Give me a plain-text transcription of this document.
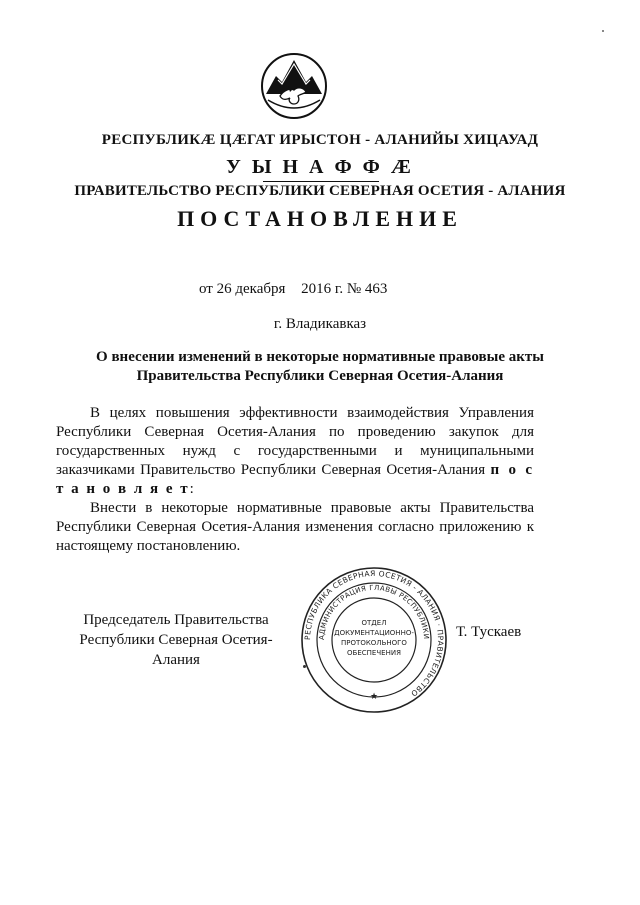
РЕСПУБЛИКÆ ЦÆГАТ ИРЫСТОН - АЛАНИЙЫ ХИЦАУАД
У Ы Н А Ф Ф Æ
ПРАВИТЕЛЬСТВО РЕСПУБЛИКИ СЕВЕРНАЯ ОСЕТИЯ - АЛАНИЯ
ПОСТАНОВЛЕНИЕ
от 26 декабря 2016 г. № 463
г. Владикавказ
О внесении изменений в некоторые нормативные правовые акты
Правительства Республики Северная Осетия-Алания

В целях повышения эффективности взаимодействия Управления Республики Северная Осетия-Алания по проведению закупок для государственных нужд с государственными и муниципальными заказчиками Правительство Республики Северная Осетия-Алания п о с т а н о в л я е т:

Внести в некоторые нормативные правовые акты Правительства Республики Северная Осетия-Алания изменения согласно приложению к настоящему постановлению.

Председатель Правительства
Республики Северная Осетия-Алания
РЕСПУБЛИКА СЕВЕРНАЯ ОСЕТИЯ - АЛАНИЯ · ПРАВИТЕЛЬСТВО
АДМИНИСТРАЦИЯ ГЛАВЫ РЕСПУБЛИКИ
ОТДЕЛ
ДОКУМЕНТАЦИОННО-
ПРОТОКОЛЬНОГО
ОБЕСПЕЧЕНИЯ
★
Т. Тускаев
